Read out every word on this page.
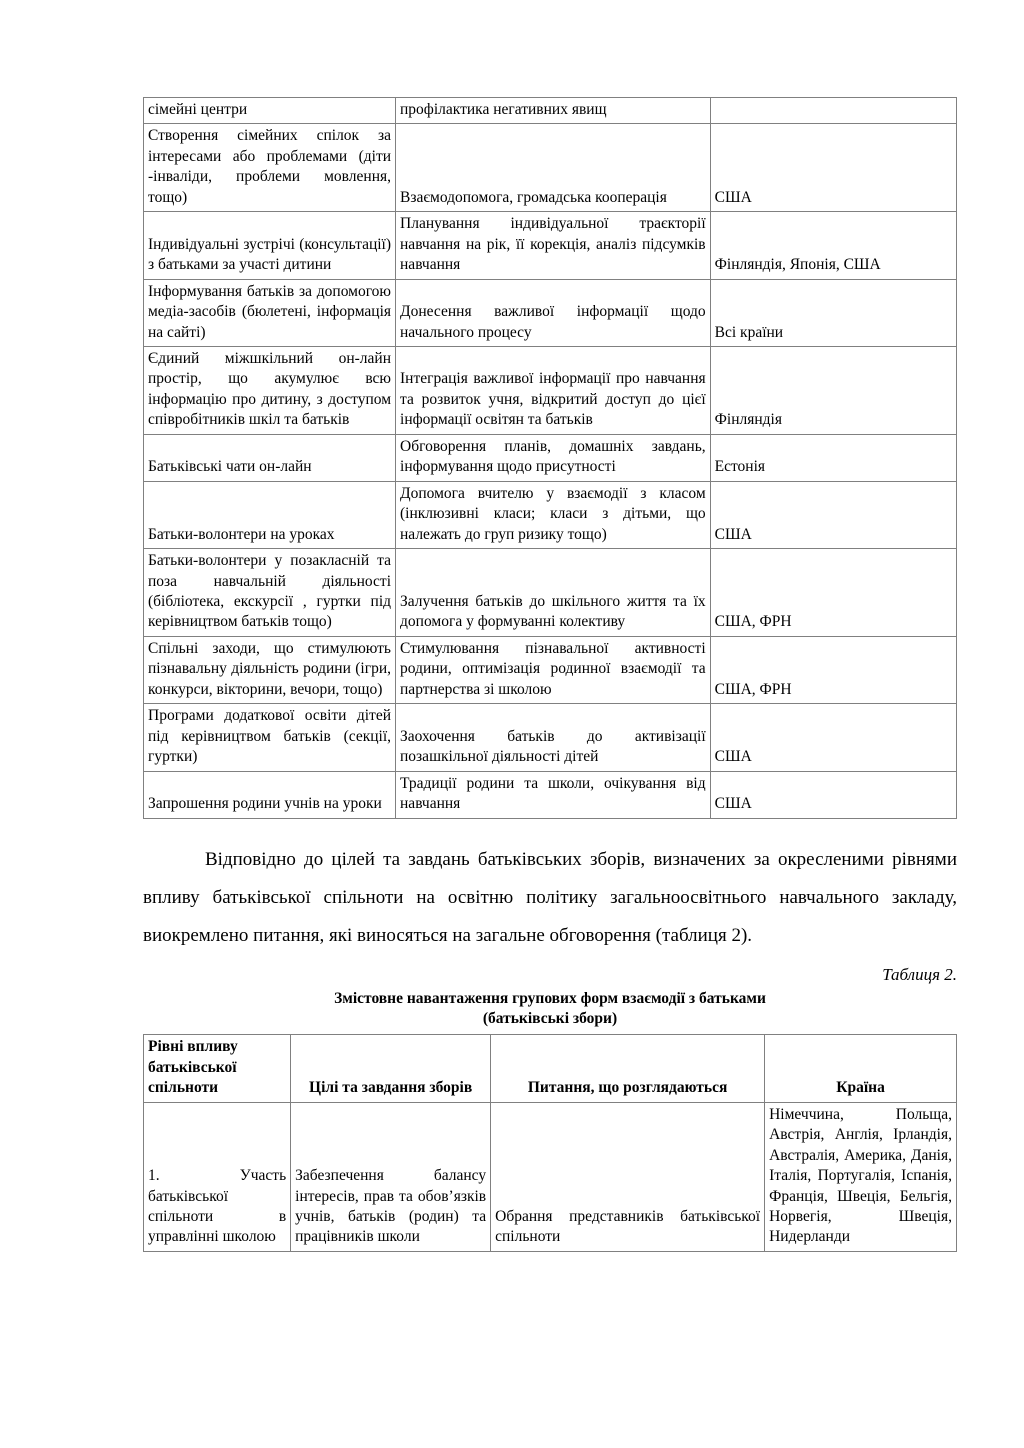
сімейні центри	профілактика негативних явищ	
Створення сімейних спілок за інтересами або проблемами (діти -інваліди, проблеми мовлення, тощо)	Взаємодопомога, громадська кооперація	США
Індивідуальні зустрічі (консультації) з батьками за участі дитини	Планування індивідуальної траєкторії навчання на рік, її корекція, аналіз підсумків навчання	Фінляндія, Японія, США
Інформування батьків за допомогою медіа-засобів (бюлетені, інформація на сайті)	Донесення важливої інформації щодо начального процесу	Всі країни
Єдиний міжшкільний он-лайн простір, що акумулює всю інформацію про дитину, з доступом співробітників шкіл та батьків	Інтеграція важливої інформації про навчання та розвиток учня, відкритий доступ до цієї інформації освітян та батьків	Фінляндія
Батьківські чати он-лайн	Обговорення планів, домашніх завдань, інформування щодо присутності	Естонія
Батьки-волонтери на уроках	Допомога вчителю у взаємодії з класом (інклюзивні класи; класи з дітьми, що належать до груп ризику тощо)	США
Батьки-волонтери у позакласній та поза навчальній діяльності (бібліотека, екскурсії , гуртки під керівництвом батьків тощо)	Залучення батьків до шкільного життя та їх допомога у формуванні колективу	США, ФРН
Спільні заходи, що стимулюють пізнавальну діяльність родини (ігри, конкурси, вікторини, вечори, тощо)	Стимулювання пізнавальної активності родини, оптимізація родинної взаємодії та партнерства зі школою	США, ФРН
Програми додаткової освіти дітей під керівництвом батьків (секції, гуртки)	Заохочення батьків до активізації позашкільної діяльності дітей	США
Запрошення родини учнів на уроки	Традиції родини та школи, очікування від навчання	США

Відповідно до цілей та завдань батьківських зборів, визначених за окресленими рівнями впливу батьківської спільноти на освітню політику загальноосвітнього навчального закладу, виокремлено питання, які виносяться на загальне обговорення (таблиця 2).

Таблиця 2.
Змістовне навантаження групових форм взаємодії з батьками
(батьківські збори)
Рівні впливу батьківської спільноти	Цілі та завдання зборів	Питання, що розглядаються	Країна
1. Участь батьківської спільноти в управлінні школою	Забезпечення балансу інтересів, прав та обов’язків учнів, батьків (родин) та працівників школи	Обрання представників батьківської спільноти	Німеччина, Польща, Австрія, Англія, Ірландія, Австралія, Америка, Данія, Італія, Португалія, Іспанія, Франція, Швеція, Бельгія, Норвегія, Швеція, Нидерланди
